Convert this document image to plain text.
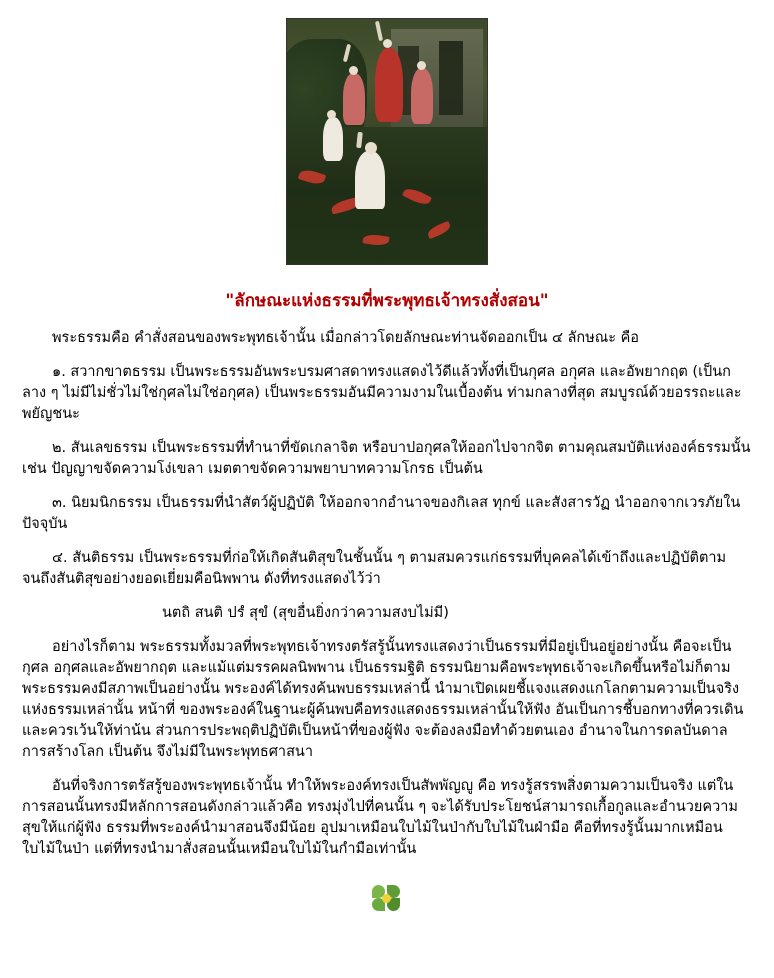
"ลักษณะแห่งธรรมที่พระพุทธเจ้าทรงสั่งสอน"

พระธรรมคือ คำสั่งสอนของพระพุทธเจ้านั้น เมื่อกล่าวโดยลักษณะท่านจัดออกเป็น ๔ ลักษณะ คือ

๑. สวากขาตธรรม เป็นพระธรรมอันพระบรมศาสดาทรงแสดงไว้ดีแล้วทั้งที่เป็นกุศล อกุศล และอัพยากฤต (เป็นกลาง ๆ ไม่มีไม่ชั่วไม่ใช่กุศลไม่ใช่อกุศล) เป็นพระธรรมอันมีความงามในเบื้องต้น ท่ามกลางที่สุด สมบูรณ์ด้วยอรรถะและพยัญชนะ

๒. สันเลขธรรม เป็นพระธรรมที่ทำนาที่ขัดเกลาจิต หรือบาปอกุศลให้ออกไปจากจิต ตามคุณสมบัติแห่งองค์ธรรมนั้น เช่น ปัญญาขจัดความโง่เขลา เมตตาขจัดความพยาบาทความโกรธ เป็นต้น

๓. นิยมนิกธรรม เป็นธรรมที่นำสัตว์ผู้ปฏิบัติ ให้ออกจากอำนาจของกิเลส ทุกข์ และสังสารวัฏ นำออกจากเวรภัยในปัจจุบัน

๔. สันติธรรม เป็นพระธรรมที่ก่อให้เกิดสันติสุขในชั้นนั้น ๆ ตามสมควรแก่ธรรมที่บุคคลได้เข้าถึงและปฏิบัติตาม จนถึงสันติสุขอย่างยอดเยี่ยมคือนิพพาน ดังที่ทรงแสดงไว้ว่า

นตถิ สนติ ปรํ สุขํ (สุขอื่นยิ่งกว่าความสงบไม่มี)

อย่างไรก็ตาม พระธรรมทั้งมวลที่พระพุทธเจ้าทรงตรัสรู้นั้นทรงแสดงว่าเป็นธรรมที่มีอยู่เป็นอยู่อย่างนั้น คือจะเป็นกุศล อกุศลและอัพยากฤต และแม้แต่มรรคผลนิพพาน เป็นธรรมฐิติ ธรรมนิยามคือพระพุทธเจ้าจะเกิดขึ้นหรือไม่ก็ตาม พระธรรมคงมีสภาพเป็นอย่างนั้น พระองค์ได้ทรงค้นพบธรรมเหล่านี้ นำมาเปิดเผยชี้แจงแสดงแกโลกตามความเป็นจริงแห่งธรรมเหล่านั้น หน้าที่ ของพระองค์ในฐานะผู้ค้นพบคือทรงแสดงธรรมเหล่านั้นให้ฟัง อันเป็นการชี้บอกทางที่ควรเดินและควรเว้นให้ท่าน้น ส่วนการประพฤติปฏิบัติเป็นหน้าที่ของผู้ฟัง จะต้องลงมือทำด้วยตนเอง อำนาจในการดลบันดาล การสร้างโลก เป็นต้น จึงไม่มีในพระพุทธศาสนา

อันที่จริงการตรัสรู้ของพระพุทธเจ้านั้น ทำให้พระองค์ทรงเป็นสัพพัญญู คือ ทรงรู้สรรพสิ่งตามความเป็นจริง แต่ในการสอนนั้นทรงมีหลักการสอนดังกล่าวแล้วคือ ทรงมุ่งไปที่คนนั้น ๆ จะได้รับประโยชน์สามารถเกื้อกูลและอำนวยความสุขให้แก่ผู้ฟัง ธรรมที่พระองค์นำมาสอนจึงมีน้อย อุปมาเหมือนใบไม้ในป่ากับใบไม้ในฝ่ามือ คือที่ทรงรู้นั้นมากเหมือนใบไม้ในป่า แต่ที่ทรงนำมาสั่งสอนนั้นเหมือนใบไม้ในกำมือเท่านั้น
